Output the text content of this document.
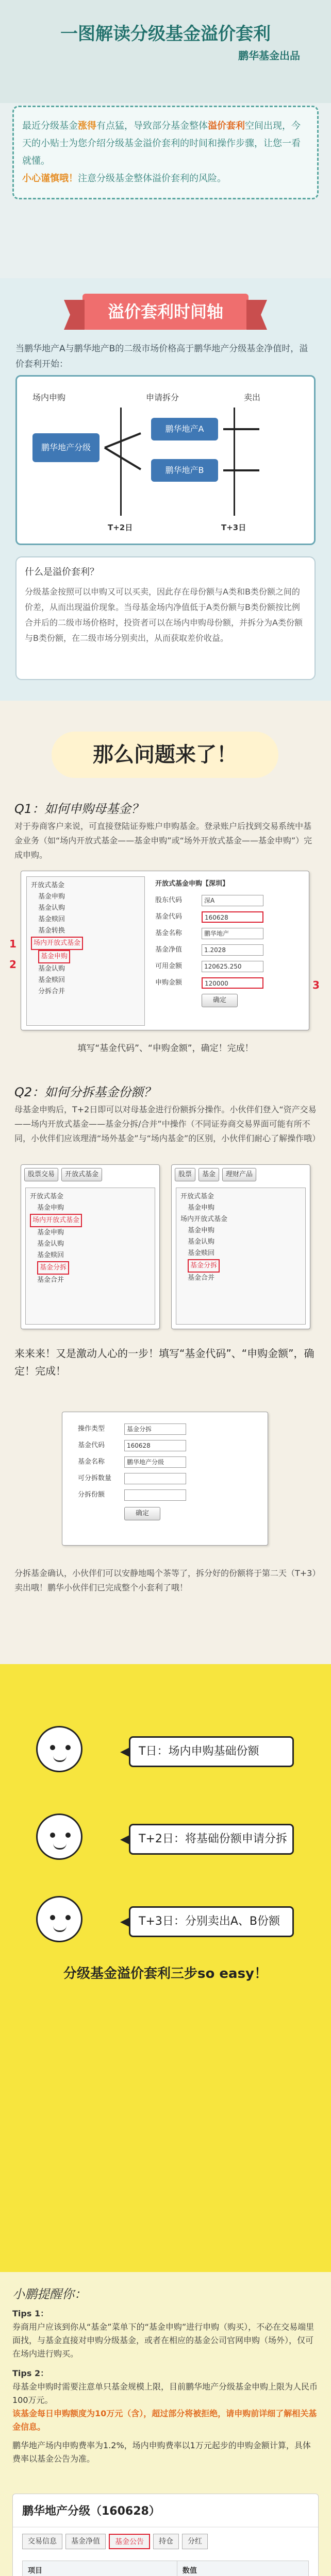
一图解读分级基金溢价套利
鹏华基金出品
最近分级基金涨得有点猛，导致部分基金整体溢价套利空间出现，今天的小贴士为您介绍分级基金溢价套利的时间和操作步骤，让您一看就懂。
小心谨慎哦！注意分级基金整体溢价套利的风险。
溢价套利时间轴
当鹏华地产A与鹏华地产B的二级市场价格高于鹏华地产分级基金净值时，溢价套利开始：
场内申购	申请拆分	卖出
鹏华地产分级
鹏华地产A
鹏华地产B
T+2日	T+3日
什么是溢价套利？
分级基金按照可以申购又可以买卖，因此存在母份额与A类和B类份额之间的价差，从而出现溢价现象。当母基金场内净值低于A类份额与B类份额按比例合并后的二级市场价格时，投资者可以在场内申购母份额，并拆分为A类份额与B类份额，在二级市场分别卖出，从而获取差价收益。
那么问题来了！
Q1：如何申购母基金？
对于券商客户来说，可直接登陆证券账户申购基金。登录账户后找到交易系统中基金业务（如“场内开放式基金——基金申购”或“场外开放式基金——基金申购”）完成申购。
开放式基金
基金申购
基金认购
基金赎回
基金转换
场内开放式基金
基金申购
基金认购
基金赎回
分拆合并
开放式基金申购【深圳】
股东代码	深A
基金代码	160628
基金名称	鹏华地产
基金净值	1.2028
可用金额	120625.250
申购金额	120000
确定
1
2
3
填写“基金代码”、“申购金额”，确定！完成！
Q2：如何分拆基金份额？
母基金申购后，T+2日即可以对母基金进行份额拆分操作。小伙伴们登入“资产交易——场内开放式基金——基金分拆/合并”中操作（不同证券商交易界面可能有所不同，小伙伴们应该理清“场外基金”与“场内基金”的区别，小伙伴们耐心了解操作哦）
股票交易	开放式基金
开放式基金
基金申购
场内开放式基金
基金申购
基金认购
基金赎回
基金分拆
基金合并
股票	基金	理财产品
开放式基金
基金申购
场内开放式基金
基金申购
基金认购
基金赎回
基金分拆
基金合并
来来来！又是激动人心的一步！填写“基金代码”、“申购金额”，确定！完成！
操作类型	基金分拆
基金代码	160628
基金名称	鹏华地产分级
可分拆数量
分拆份额
确定
分拆基金确认，小伙伴们可以安静地喝个茶等了，拆分好的份额将于第二天（T+3）卖出哦！鹏华小伙伴们已完成整个小套利了哦！
T日：场内申购基础份额
T+2日：将基础份额申请分拆
T+3日：分别卖出A、B份额
分级基金溢价套利三步so easy！
小鹏提醒你：
Tips 1：
券商用户应该到你从“基金”菜单下的“基金申购”进行申购（购买），不必在交易端里面找，与基金直接对申购分级基金，或者在相应的基金公司官网申购（场外），仅可在场内进行购买。
Tips 2：
母基金申购时需要注意单只基金规模上限，目前鹏华地产分级基金申购上限为人民币100万元。
该基金每日申购额度为10万元（含），超过部分将被拒绝，请申购前详细了解相关基金信息。
鹏华地产场内申购费率为1.2%，场内申购费率以1万元起步的申购金额计算，具体费率以基金公告为准。
鹏华地产分级（160628）
交易信息	基金净值	基金公告	持仓	分红
项目	数值
